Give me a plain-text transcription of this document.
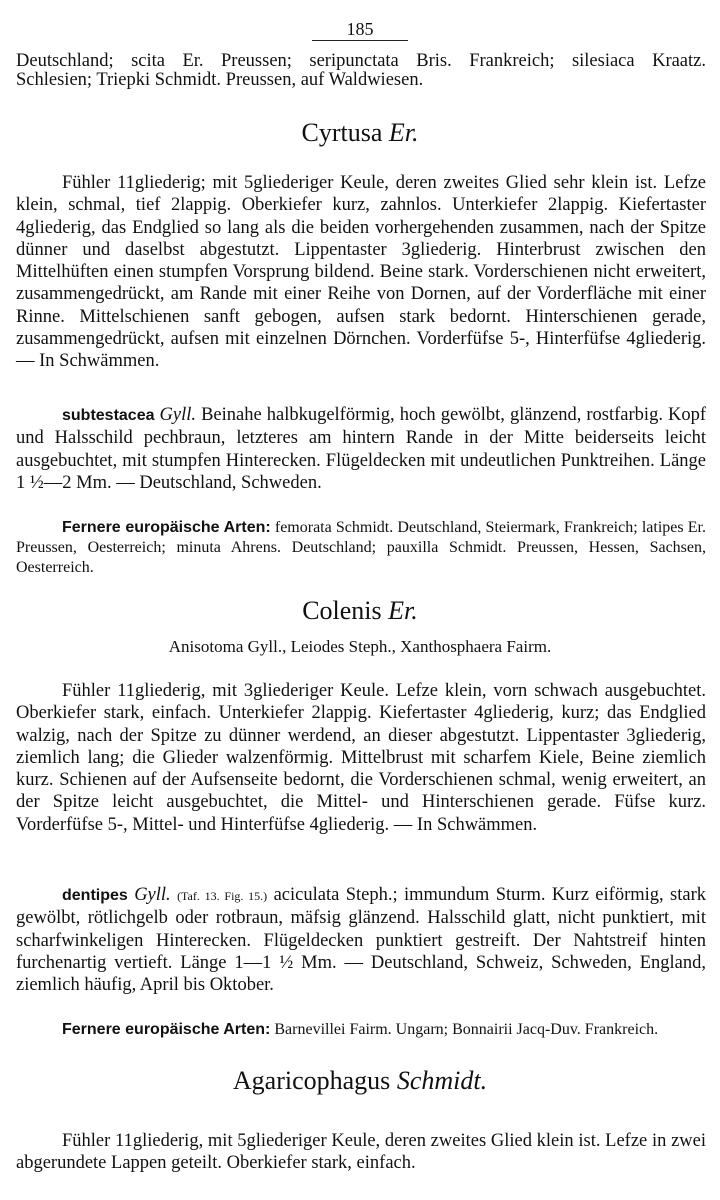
185

Deutschland; scita Er. Preussen; seripunctata Bris. Frankreich; silesiaca Kraatz.

Schlesien; Triepki Schmidt. Preussen, auf Waldwiesen.

Cyrtusa Er.

Fühler 11gliederig; mit 5gliederiger Keule, deren zweites Glied sehr klein ist. Lefze klein, schmal, tief 2lappig. Oberkiefer kurz, zahnlos. Unterkiefer 2lappig. Kiefertaster 4gliederig, das Endglied so lang als die beiden vorhergehenden zusammen, nach der Spitze dünner und daselbst abgestutzt. Lippentaster 3gliederig. Hinterbrust zwischen den Mittelhüften einen stumpfen Vorsprung bildend. Beine stark. Vorderschienen nicht erweitert, zusammengedrückt, am Rande mit einer Reihe von Dornen, auf der Vorderfläche mit einer Rinne. Mittelschienen sanft gebogen, aufsen stark bedornt. Hinterschienen gerade, zusammengedrückt, aufsen mit einzelnen Dörnchen. Vorderfüfse 5-, Hinterfüfse 4gliederig. — In Schwämmen.

subtestacea Gyll. Beinahe halbkugelförmig, hoch gewölbt, glänzend, rostfarbig. Kopf und Halsschild pechbraun, letzteres am hintern Rande in der Mitte beiderseits leicht ausgebuchtet, mit stumpfen Hinterecken. Flügeldecken mit undeutlichen Punktreihen. Länge 1 ½—2 Mm. — Deutschland, Schweden.

Fernere europäische Arten: femorata Schmidt. Deutschland, Steiermark, Frankreich; latipes Er. Preussen, Oesterreich; minuta Ahrens. Deutschland; pauxilla Schmidt. Preussen, Hessen, Sachsen, Oesterreich.

Colenis Er.
Anisotoma Gyll., Leiodes Steph., Xanthosphaera Fairm.

Fühler 11gliederig, mit 3gliederiger Keule. Lefze klein, vorn schwach ausgebuchtet. Oberkiefer stark, einfach. Unterkiefer 2lappig. Kiefertaster 4gliederig, kurz; das Endglied walzig, nach der Spitze zu dünner werdend, an dieser abgestutzt. Lippentaster 3gliederig, ziemlich lang; die Glieder walzenförmig. Mittelbrust mit scharfem Kiele, Beine ziemlich kurz. Schienen auf der Aufsenseite bedornt, die Vorderschienen schmal, wenig erweitert, an der Spitze leicht ausgebuchtet, die Mittel- und Hinterschienen gerade. Füfse kurz. Vorderfüfse 5-, Mittel- und Hinterfüfse 4gliederig. — In Schwämmen.

dentipes Gyll. (Taf. 13. Fig. 15.) aciculata Steph.; immundum Sturm. Kurz eiförmig, stark gewölbt, rötlichgelb oder rotbraun, mäfsig glänzend. Halsschild glatt, nicht punktiert, mit scharfwinkeligen Hinterecken. Flügeldecken punktiert gestreift. Der Nahtstreif hinten furchenartig vertieft. Länge 1—1 ½ Mm. — Deutschland, Schweiz, Schweden, England, ziemlich häufig, April bis Oktober.

Fernere europäische Arten: Barnevillei Fairm. Ungarn; Bonnairii Jacq-Duv. Frankreich.

Agaricophagus Schmidt.

Fühler 11gliederig, mit 5gliederiger Keule, deren zweites Glied klein ist. Lefze in zwei abgerundete Lappen geteilt. Oberkiefer stark, einfach.
